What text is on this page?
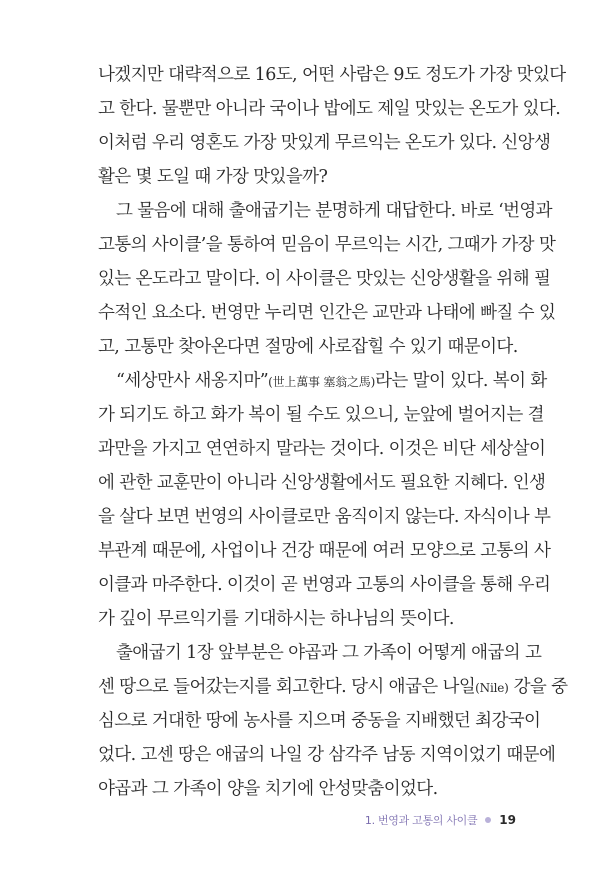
나겠지만 대략적으로 16도, 어떤 사람은 9도 정도가 가장 맛있다
고 한다. 물뿐만 아니라 국이나 밥에도 제일 맛있는 온도가 있다.
이처럼 우리 영혼도 가장 맛있게 무르익는 온도가 있다. 신앙생
활은 몇 도일 때 가장 맛있을까?
그 물음에 대해 출애굽기는 분명하게 대답한다. 바로 ‘번영과
고통의 사이클’을 통하여 믿음이 무르익는 시간, 그때가 가장 맛
있는 온도라고 말이다. 이 사이클은 맛있는 신앙생활을 위해 필
수적인 요소다. 번영만 누리면 인간은 교만과 나태에 빠질 수 있
고, 고통만 찾아온다면 절망에 사로잡힐 수 있기 때문이다.
“세상만사 새옹지마”(世上萬事 塞翁之馬)라는 말이 있다. 복이 화
가 되기도 하고 화가 복이 될 수도 있으니, 눈앞에 벌어지는 결
과만을 가지고 연연하지 말라는 것이다. 이것은 비단 세상살이
에 관한 교훈만이 아니라 신앙생활에서도 필요한 지혜다. 인생
을 살다 보면 번영의 사이클로만 움직이지 않는다. 자식이나 부
부관계 때문에, 사업이나 건강 때문에 여러 모양으로 고통의 사
이클과 마주한다. 이것이 곧 번영과 고통의 사이클을 통해 우리
가 깊이 무르익기를 기대하시는 하나님의 뜻이다.
출애굽기 1장 앞부분은 야곱과 그 가족이 어떻게 애굽의 고
센 땅으로 들어갔는지를 회고한다. 당시 애굽은 나일(Nile) 강을 중
심으로 거대한 땅에 농사를 지으며 중동을 지배했던 최강국이
었다. 고센 땅은 애굽의 나일 강 삼각주 남동 지역이었기 때문에
야곱과 그 가족이 양을 치기에 안성맞춤이었다.
1. 번영과 고통의 사이클 19
